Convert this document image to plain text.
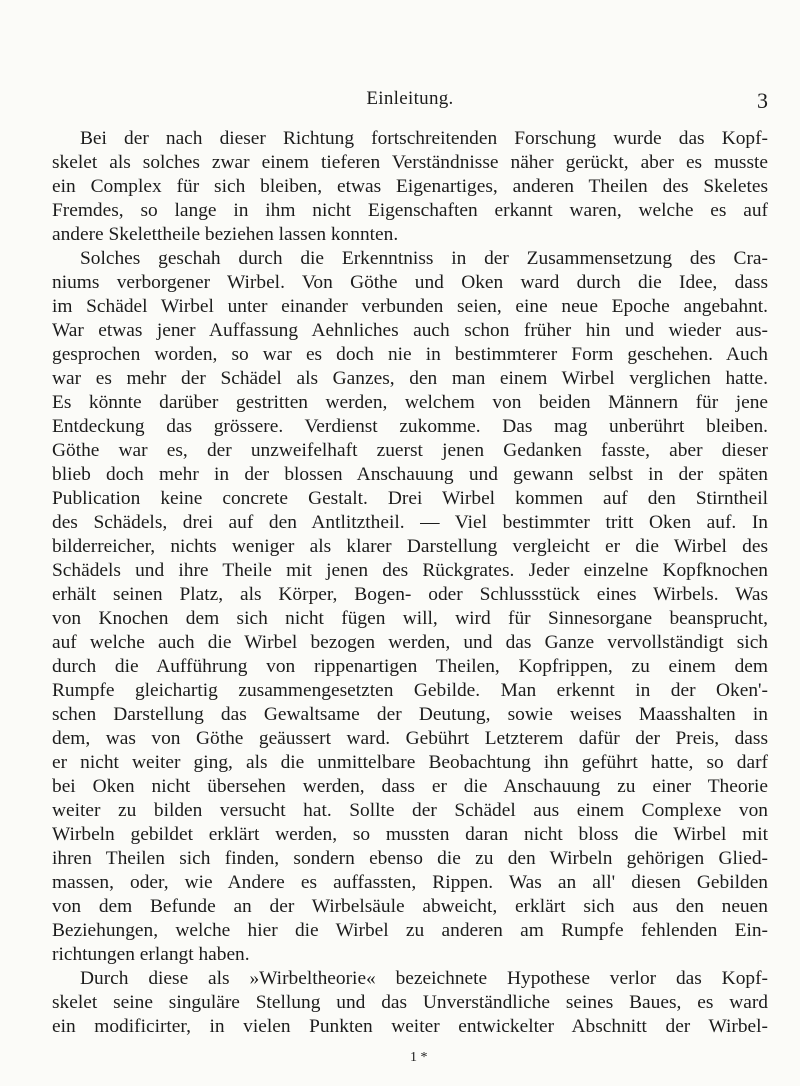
Einleitung.	3
Bei der nach dieser Richtung fortschreitenden Forschung wurde das Kopf-
skelet als solches zwar einem tieferen Verständnisse näher gerückt, aber es musste
ein Complex für sich bleiben, etwas Eigenartiges, anderen Theilen des Skeletes
Fremdes, so lange in ihm nicht Eigenschaften erkannt waren, welche es auf
andere Skelettheile beziehen lassen konnten.
Solches geschah durch die Erkenntniss in der Zusammensetzung des Cra-
niums verborgener Wirbel. Von Göthe und Oken ward durch die Idee, dass
im Schädel Wirbel unter einander verbunden seien, eine neue Epoche angebahnt.
War etwas jener Auffassung Aehnliches auch schon früher hin und wieder aus-
gesprochen worden, so war es doch nie in bestimmterer Form geschehen. Auch
war es mehr der Schädel als Ganzes, den man einem Wirbel verglichen hatte.
Es könnte darüber gestritten werden, welchem von beiden Männern für jene
Entdeckung das grössere. Verdienst zukomme. Das mag unberührt bleiben.
Göthe war es, der unzweifelhaft zuerst jenen Gedanken fasste, aber dieser
blieb doch mehr in der blossen Anschauung und gewann selbst in der späten
Publication keine concrete Gestalt. Drei Wirbel kommen auf den Stirntheil
des Schädels, drei auf den Antlitztheil. — Viel bestimmter tritt Oken auf. In
bilderreicher, nichts weniger als klarer Darstellung vergleicht er die Wirbel des
Schädels und ihre Theile mit jenen des Rückgrates. Jeder einzelne Kopfknochen
erhält seinen Platz, als Körper, Bogen- oder Schlussstück eines Wirbels. Was
von Knochen dem sich nicht fügen will, wird für Sinnesorgane beansprucht,
auf welche auch die Wirbel bezogen werden, und das Ganze vervollständigt sich
durch die Aufführung von rippenartigen Theilen, Kopfrippen, zu einem dem
Rumpfe gleichartig zusammengesetzten Gebilde. Man erkennt in der Oken'-
schen Darstellung das Gewaltsame der Deutung, sowie weises Maasshalten in
dem, was von Göthe geäussert ward. Gebührt Letzterem dafür der Preis, dass
er nicht weiter ging, als die unmittelbare Beobachtung ihn geführt hatte, so darf
bei Oken nicht übersehen werden, dass er die Anschauung zu einer Theorie
weiter zu bilden versucht hat. Sollte der Schädel aus einem Complexe von
Wirbeln gebildet erklärt werden, so mussten daran nicht bloss die Wirbel mit
ihren Theilen sich finden, sondern ebenso die zu den Wirbeln gehörigen Glied-
massen, oder, wie Andere es auffassten, Rippen. Was an all' diesen Gebilden
von dem Befunde an der Wirbelsäule abweicht, erklärt sich aus den neuen
Beziehungen, welche hier die Wirbel zu anderen am Rumpfe fehlenden Ein-
richtungen erlangt haben.
Durch diese als »Wirbeltheorie« bezeichnete Hypothese verlor das Kopf-
skelet seine singuläre Stellung und das Unverständliche seines Baues, es ward
ein modificirter, in vielen Punkten weiter entwickelter Abschnitt der Wirbel-
1 *
